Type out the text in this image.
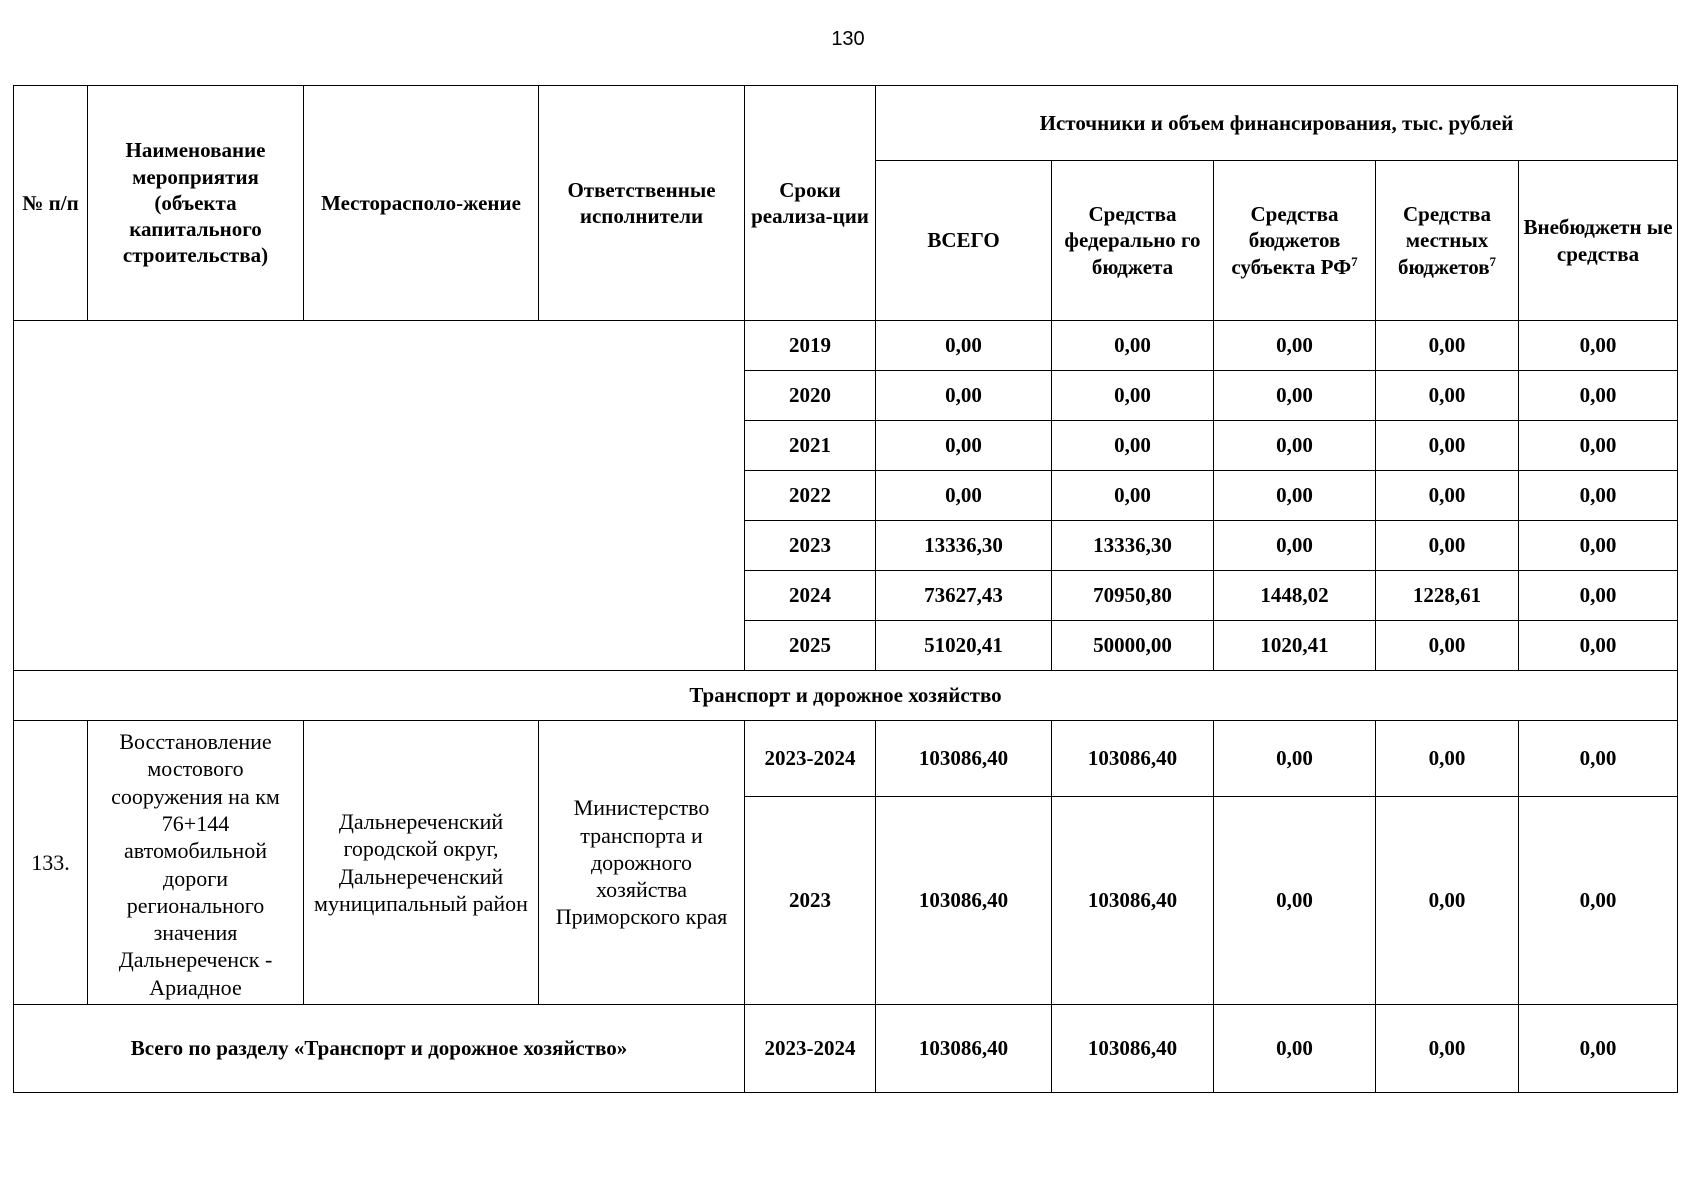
130
№ п/п	Наименование мероприятия (объекта капитального строительства)	Месторасполо-жение	Ответственные исполнители	Сроки реализа-ции	Источники и объем финансирования, тыс. рублей				
					ВСЕГО	Средства федерально го бюджета	Средства бюджетов субъекта $РФ^7$	Средства местных бюджетов$^7$	Внебюджетн ые средства
				2019	0,00	0,00	0,00	0,00	0,00
				2020	0,00	0,00	0,00	0,00	0,00
				2021	0,00	0,00	0,00	0,00	0,00
				2022	0,00	0,00	0,00	0,00	0,00
				2023	13336,30	13336,30	0,00	0,00	0,00
				2024	73627,43	70950,80	1448,02	1228,61	0,00
				2025	51020,41	50000,00	1020,41	0,00	0,00
Транспорт и дорожное хозяйство									
133.	Восстановление мостового сооружения на км 76+144 автомобильной дороги регионального значения Дальнереченск - Ариадное	Дальнереченский городской округ, Дальнереченский муниципальный район	Министерство транспорта и дорожного хозяйства Приморского края	2023-2024	103086,40	103086,40	0,00	0,00	0,00
				2023	103086,40	103086,40	0,00	0,00	0,00
Всего по разделу «Транспорт и дорожное хозяйство»				2023-2024	103086,40	103086,40	0,00	0,00	0,00
